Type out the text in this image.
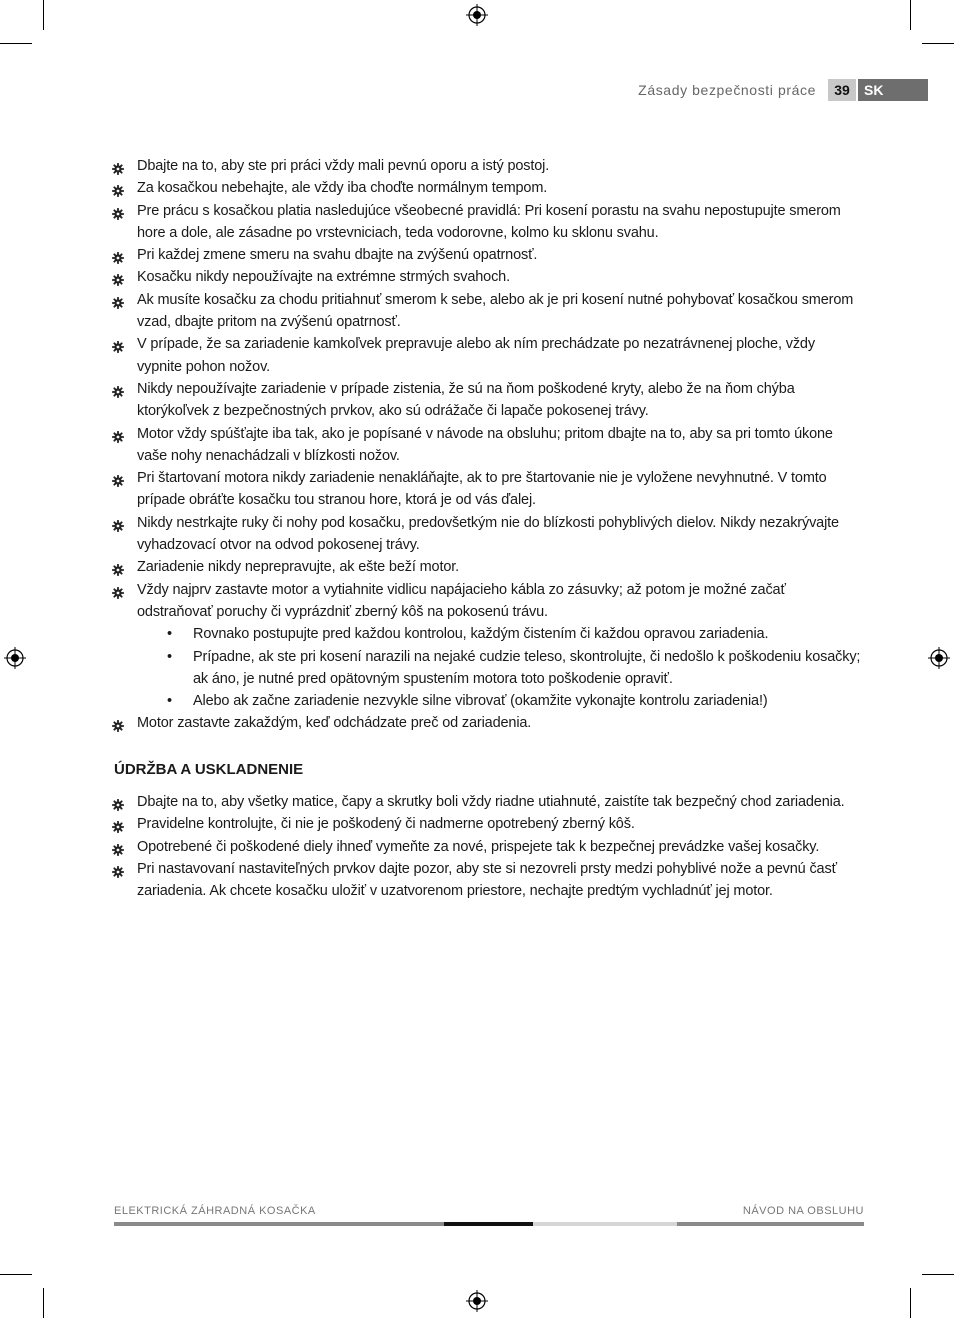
Zásady bezpečnosti práce	39	SK
Dbajte na to, aby ste pri práci vždy mali pevnú oporu a istý postoj.
Za kosačkou nebehajte, ale vždy iba choďte normálnym tempom.
Pre prácu s kosačkou platia nasledujúce všeobecné pravidlá: Pri kosení porastu na svahu nepostupujte smerom hore a dole, ale zásadne po vrstevniciach, teda vodorovne, kolmo ku sklonu svahu.
Pri každej zmene smeru na svahu dbajte na zvýšenú opatrnosť.
Kosačku nikdy nepoužívajte na extrémne strmých svahoch.
Ak musíte kosačku za chodu pritiahnuť smerom k sebe, alebo ak je pri kosení nutné pohybovať kosačkou smerom vzad, dbajte pritom na zvýšenú opatrnosť.
V prípade, že sa zariadenie kamkoľvek prepravuje alebo ak ním prechádzate po nezatrávnenej ploche, vždy vypnite pohon nožov.
Nikdy nepoužívajte zariadenie v prípade zistenia, že sú na ňom poškodené kryty, alebo že na ňom chýba ktorýkoľvek z bezpečnostných prvkov, ako sú odrážače či lapače pokosenej trávy.
Motor vždy spúšťajte iba tak, ako je popísané v návode na obsluhu; pritom dbajte na to, aby sa pri tomto úkone vaše nohy nenachádzali v blízkosti nožov.
Pri štartovaní motora nikdy zariadenie nenakláňajte, ak to pre štartovanie nie je vyložene nevyhnutné. V tomto prípade obráťte kosačku tou stranou hore, ktorá je od vás ďalej.
Nikdy nestrkajte ruky či nohy pod kosačku, predovšetkým nie do blízkosti pohyblivých dielov. Nikdy nezakrývajte vyhadzovací otvor na odvod pokosenej trávy.
Zariadenie nikdy neprepravujte, ak ešte beží motor.
Vždy najprv zastavte motor a vytiahnite vidlicu napájacieho kábla zo zásuvky; až potom je možné začať odstraňovať poruchy či vyprázdniť zberný kôš na pokosenú trávu.
• Rovnako postupujte pred každou kontrolou, každým čistením či každou opravou zariadenia.
• Prípadne, ak ste pri kosení narazili na nejaké cudzie teleso, skontrolujte, či nedošlo k poškodeniu kosačky; ak áno, je nutné pred opätovným spustením motora toto poškodenie opraviť.
• Alebo ak začne zariadenie nezvykle silne vibrovať (okamžite vykonajte kontrolu zariadenia!)
Motor zastavte zakaždým, keď odchádzate preč od zariadenia.
ÚDRŽBA A USKLADNENIE
Dbajte na to, aby všetky matice, čapy a skrutky boli vždy riadne utiahnuté, zaistíte tak bezpečný chod zariadenia.
Pravidelne kontrolujte, či nie je poškodený či nadmerne opotrebený zberný kôš.
Opotrebené či poškodené diely ihneď vymeňte za nové, prispejete tak k bezpečnej prevádzke vašej kosačky.
Pri nastavovaní nastaviteľných prvkov dajte pozor, aby ste si nezovreli prsty medzi pohyblivé nože a pevnú časť zariadenia. Ak chcete kosačku uložiť v uzatvorenom priestore, nechajte predtým vychladnúť jej motor.
ELEKTRICKÁ ZÁHRADNÁ KOSAČKA	NÁVOD NA OBSLUHU
